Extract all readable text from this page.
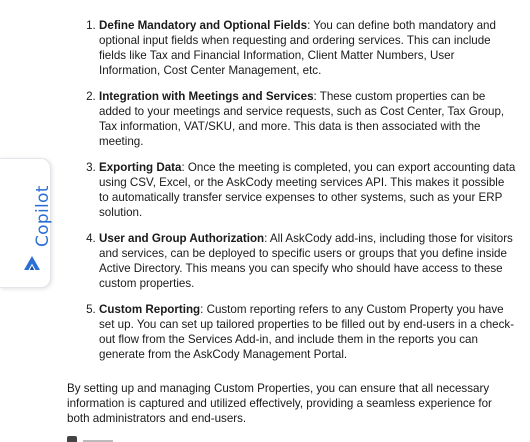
1. Define Mandatory and Optional Fields: You can define both mandatory and optional input fields when requesting and ordering services. This can include fields like Tax and Financial Information, Client Matter Numbers, User Information, Cost Center Management, etc.
2. Integration with Meetings and Services: These custom properties can be added to your meetings and service requests, such as Cost Center, Tax Group, Tax information, VAT/SKU, and more. This data is then associated with the meeting.
3. Exporting Data: Once the meeting is completed, you can export accounting data using CSV, Excel, or the AskCody meeting services API. This makes it possible to automatically transfer service expenses to other systems, such as your ERP solution.
4. User and Group Authorization: All AskCody add-ins, including those for visitors and services, can be deployed to specific users or groups that you define inside Active Directory. This means you can specify who should have access to these custom properties.
5. Custom Reporting: Custom reporting refers to any Custom Property you have set up. You can set up tailored properties to be filled out by end-users in a check-out flow from the Services Add-in, and include them in the reports you can generate from the AskCody Management Portal.

By setting up and managing Custom Properties, you can ensure that all necessary information is captured and utilized effectively, providing a seamless experience for both administrators and end-users.

Copilot
